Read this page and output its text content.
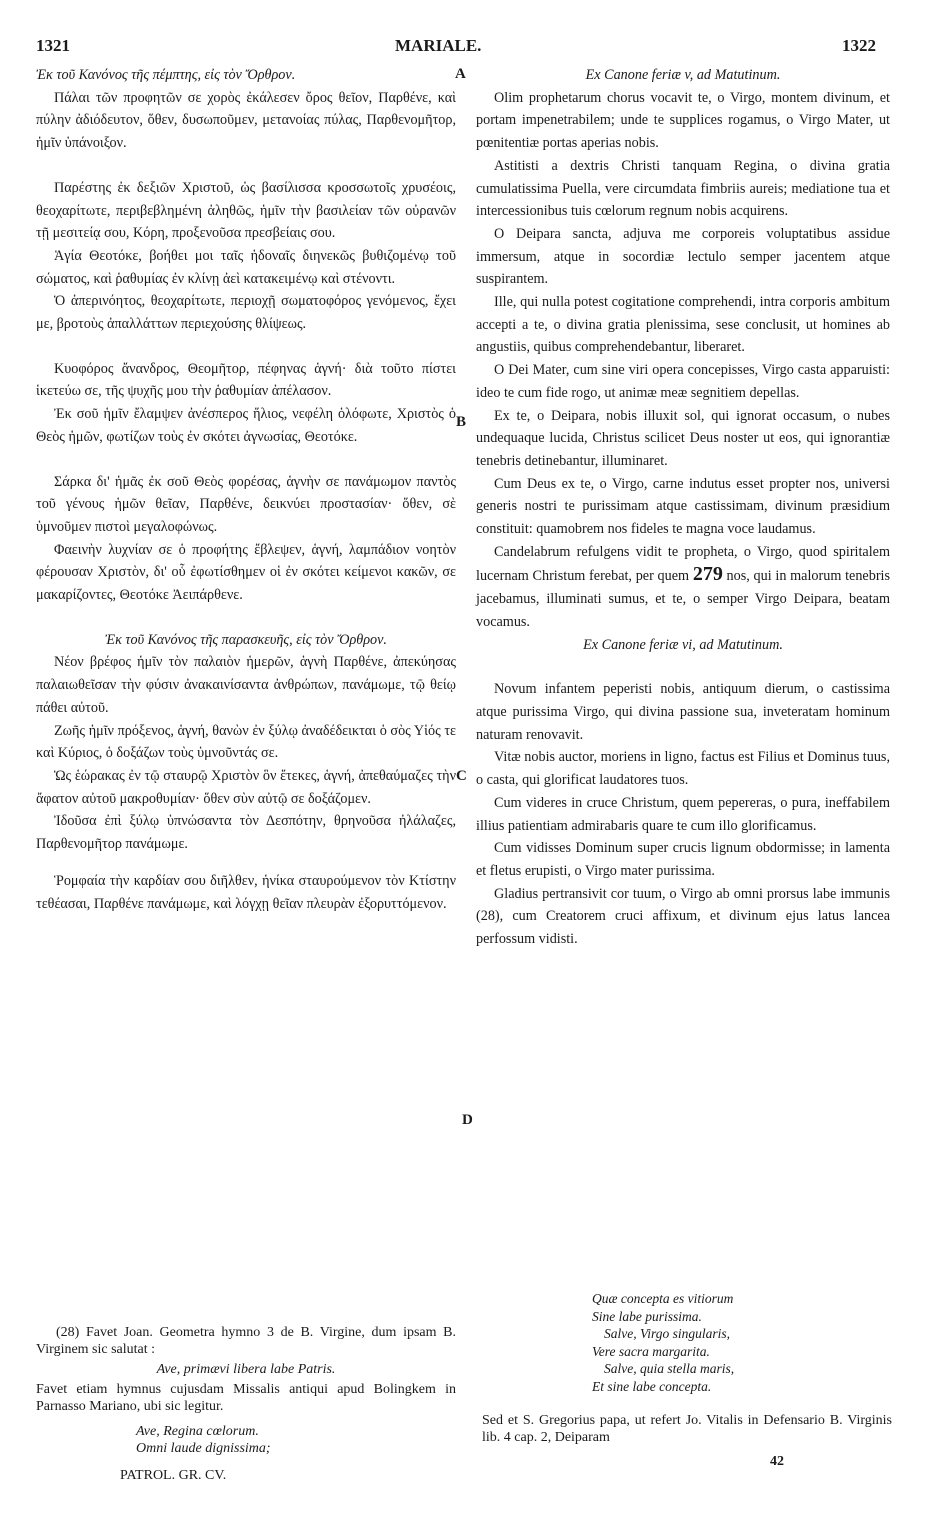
1321	MARIALE.	1322

Ἐκ τοῦ Κανόνος τῆς πέμπτης, εἰς τὸν Ὄρθρον.

Πάλαι τῶν προφητῶν σε χορὸς ἐκάλεσεν ὄρος θεῖον, Παρθένε, καὶ πύλην ἀδιόδευτον, ὅθεν, δυσωποῦμεν, μετανοίας πύλας, Παρθενομῆτορ, ἡμῖν ὑπάνοιξον.

Παρέστης ἐκ δεξιῶν Χριστοῦ, ὡς βασίλισσα κροσσωτοῖς χρυσέοις, θεοχαρίτωτε, περιβεβλημένη ἀληθῶς, ἡμῖν τὴν βασιλείαν τῶν οὐρανῶν τῇ μεσιτείᾳ σου, Κόρη, προξενοῦσα πρεσβείαις σου.

Ἁγία Θεοτόκε, βοήθει μοι ταῖς ἡδοναῖς διηνεκῶς βυθιζομένῳ τοῦ σώματος, καὶ ῥαθυμίας ἐν κλίνῃ ἀεὶ κατακειμένῳ καὶ στένοντι.

Ὁ ἀπερινόητος, θεοχαρίτωτε, περιοχῇ σωματοφόρος γενόμενος, ἔχει με, βροτοὺς ἀπαλλάττων περιεχούσης θλίψεως.

Κυοφόρος ἄνανδρος, Θεομῆτορ, πέφηνας ἁγνή· διὰ τοῦτο πίστει ἱκετεύω σε, τῆς ψυχῆς μου τὴν ῥαθυμίαν ἀπέλασον.

Ἐκ σοῦ ἡμῖν ἔλαμψεν ἀνέσπερος ἥλιος, νεφέλη ὁλόφωτε, Χριστὸς ὁ Θεὸς ἡμῶν, φωτίζων τοὺς ἐν σκότει ἀγνωσίας, Θεοτόκε.

Σάρκα δι' ἡμᾶς ἐκ σοῦ Θεὸς φορέσας, ἁγνὴν σε πανάμωμον παντὸς τοῦ γένους ἡμῶν θεῖαν, Παρθένε, δεικνύει προστασίαν· ὅθεν, σὲ ὑμνοῦμεν πιστοὶ μεγαλοφώνως.

Φαεινὴν λυχνίαν σε ὁ προφήτης ἔβλεψεν, ἁγνή, λαμπάδιον νοητὸν φέρουσαν Χριστὸν, δι' οὗ ἐφωτίσθημεν οἱ ἐν σκότει κείμενοι κακῶν, σε μακαρίζοντες, Θεοτόκε Ἀειπάρθενε.

Ἐκ τοῦ Κανόνος τῆς παρασκευῆς, εἰς τὸν Ὄρθρον.

Νέον βρέφος ἡμῖν τὸν παλαιὸν ἡμερῶν, ἁγνὴ Παρθένε, ἀπεκύησας παλαιωθεῖσαν τὴν φύσιν ἀνακαινίσαντα ἀνθρώπων, πανάμωμε, τῷ θείῳ πάθει αὐτοῦ.

Ζωῆς ἡμῖν πρόξενος, ἁγνή, θανὼν ἐν ξύλῳ ἀναδέδεικται ὁ σὸς Υἱός τε καὶ Κύριος, ὁ δοξάζων τοὺς ὑμνοῦντάς σε.

Ὡς ἑώρακας ἐν τῷ σταυρῷ Χριστὸν ὃν ἔτεκες, ἁγνή, ἀπεθαύμαζες τὴν ἄφατον αὐτοῦ μακροθυμίαν· ὅθεν σὺν αὐτῷ σε δοξάζομεν.

Ἰδοῦσα ἐπὶ ξύλῳ ὑπνώσαντα τὸν Δεσπότην, θρηνοῦσα ἠλάλαζες, Παρθενομῆτορ πανάμωμε.

Ῥομφαία τὴν καρδίαν σου διῆλθεν, ἡνίκα σταυρούμενον τὸν Κτίστην τεθέασαι, Παρθένε πανάμωμε, καὶ λόγχῃ θεῖαν πλευρὰν ἐξορυττόμενον.

A
B
C
D

Ex Canone feriæ v, ad Matutinum.

Olim prophetarum chorus vocavit te, o Virgo, montem divinum, et portam impenetrabilem; unde te supplices rogamus, o Virgo Mater, ut pœnitentiæ portas aperias nobis.

Astitisti a dextris Christi tanquam Regina, o divina gratia cumulatissima Puella, vere circumdata fimbriis aureis; mediatione tua et intercessionibus tuis cœlorum regnum nobis acquirens.

O Deipara sancta, adjuva me corporeis voluptatibus assidue immersum, atque in socordiæ lectulo semper jacentem atque suspirantem.

Ille, qui nulla potest cogitatione comprehendi, intra corporis ambitum accepti a te, o divina gratia plenissima, sese conclusit, ut homines ab angustiis, quibus comprehendebantur, liberaret.

O Dei Mater, cum sine viri opera concepisses, Virgo casta apparuisti: ideo te cum fide rogo, ut animæ meæ segnitiem depellas.

Ex te, o Deipara, nobis illuxit sol, qui ignorat occasum, o nubes undequaque lucida, Christus scilicet Deus noster ut eos, qui ignorantiæ tenebris detinebantur, illuminaret.

Cum Deus ex te, o Virgo, carne indutus esset propter nos, universi generis nostri te purissimam atque castissimam, divinum præsidium constituit: quamobrem nos fideles te magna voce laudamus.

Candelabrum refulgens vidit te propheta, o Virgo, quod spiritalem lucernam Christum ferebat, per quem 279 nos, qui in malorum tenebris jacebamus, illuminati sumus, et te, o semper Virgo Deipara, beatam vocamus.

Ex Canone feriæ vi, ad Matutinum.

Novum infantem peperisti nobis, antiquum dierum, o castissima atque purissima Virgo, qui divina passione sua, inveteratam hominum naturam renovavit.

Vitæ nobis auctor, moriens in ligno, factus est Filius et Dominus tuus, o casta, qui glorificat laudatores tuos.

Cum videres in cruce Christum, quem pepereras, o pura, ineffabilem illius patientiam admirabaris quare te cum illo glorificamus.

Cum vidisses Dominum super crucis lignum obdormisse; in lamenta et fletus erupisti, o Virgo mater purissima.

Gladius pertransivit cor tuum, o Virgo ab omni prorsus labe immunis (28), cum Creatorem cruci affixum, et divinum ejus latus lancea perfossum vidisti.

(28) Favet Joan. Geometra hymno 3 de B. Virgine, dum ipsam B. Virginem sic salutat :

Ave, primævi libera labe Patris.

Favet etiam hymnus cujusdam Missalis antiqui apud Bolingkem in Parnasso Mariano, ubi sic legitur.

Ave, Regina cœlorum.

Omni laude dignissima;

PATROL. GR. CV.
Quæ concepta es vitiorum
Sine labe purissima.
Salve, Virgo singularis,
Vere sacra margarita.
Salve, quia stella maris,
Et sine labe concepta.

Sed et S. Gregorius papa, ut refert Jo. Vitalis in Defensario B. Virginis lib. 4 cap. 2, Deiparam

42
